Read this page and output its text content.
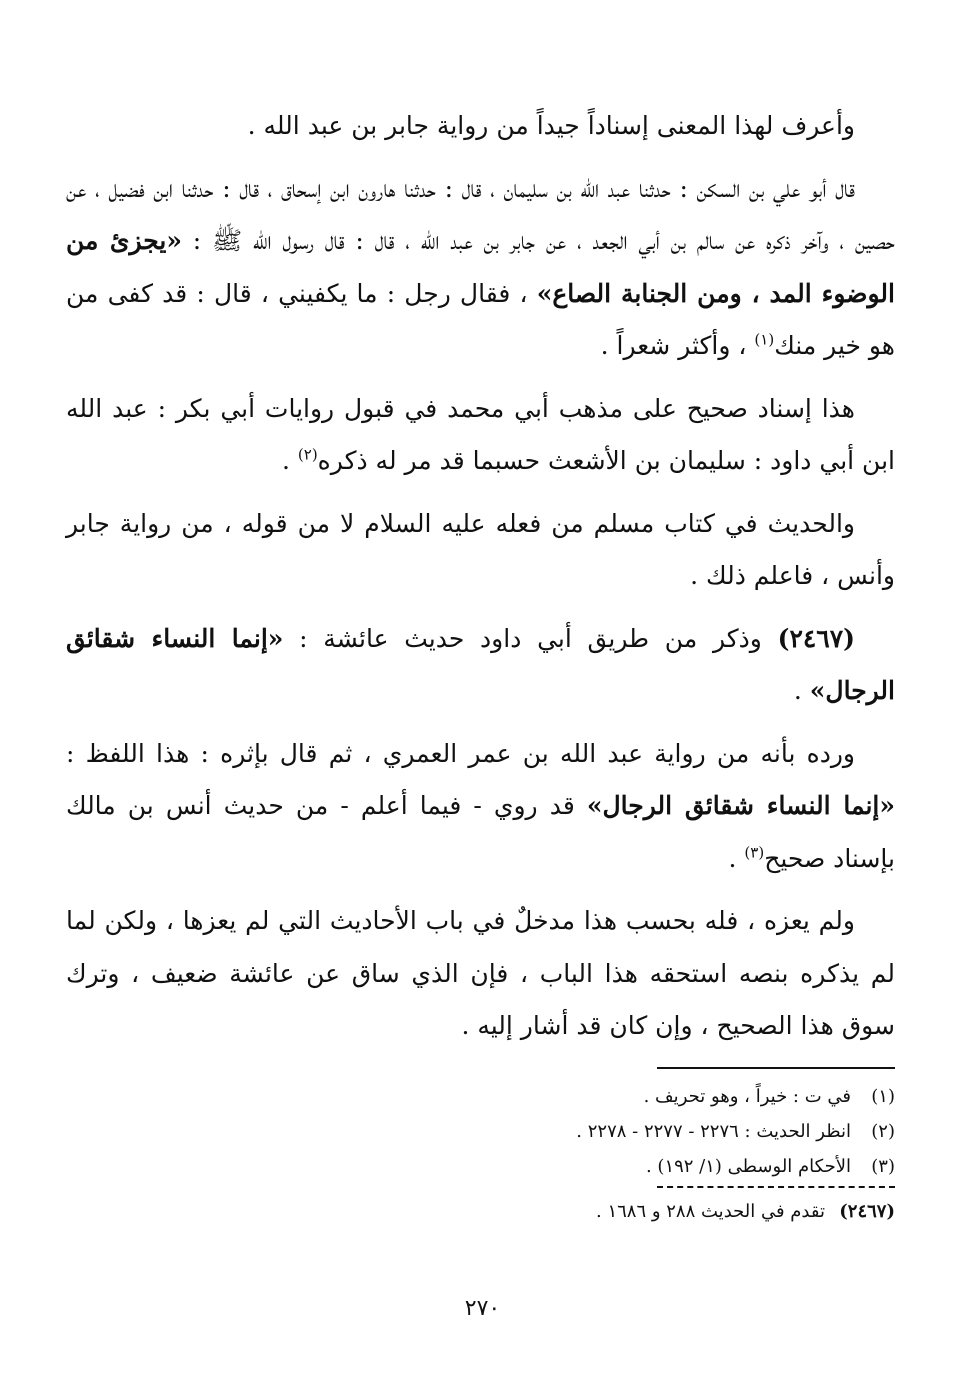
وأعرف لهذا المعنى إسناداً جيداً من رواية جابر بن عبد الله .

قال أبو علي بن السكن : حدثنا عبد الله بن سليمان ، قال : حدثنا هارون ابن إسحاق ، قال : حدثنا ابن فضيل ، عن حصين ، وآخر ذكره عن سالم بن أبي الجعد ، عن جابر بن عبد الله ، قال : قال رسول الله ﷺ : «يجزئ من الوضوء المد ، ومن الجنابة الصاع» ، فقال رجل : ما يكفيني ، قال : قد كفى من هو خير منك$^{(١)}$ ، وأكثر شعراً .

هذا إسناد صحيح على مذهب أبي محمد في قبول روايات أبي بكر : عبد الله ابن أبي داود : سليمان بن الأشعث حسبما قد مر له ذكره$^{(٢)}$ .

والحديث في كتاب مسلم من فعله عليه السلام لا من قوله ، من رواية جابر وأنس ، فاعلم ذلك .

(٢٤٦٧) وذكر من طريق أبي داود حديث عائشة : «إنما النساء شقائق الرجال» .

ورده بأنه من رواية عبد الله بن عمر العمري ، ثم قال بإثره : هذا اللفظ : «إنما النساء شقائق الرجال» قد روي - فيما أعلم - من حديث أنس بن مالك بإسناد صحيح$^{(٣)}$ .

ولم يعزه ، فله بحسب هذا مدخلٌ في باب الأحاديث التي لم يعزها ، ولكن لما لم يذكره بنصه استحقه هذا الباب ، فإن الذي ساق عن عائشة ضعيف ، وترك سوق هذا الصحيح ، وإن كان قد أشار إليه .

(١)في ت : خيراً ، وهو تحريف .
(٢)انظر الحديث : ٢٢٧٦ - ٢٢٧٧ - ٢٢٧٨ .
(٣)الأحكام الوسطى (١/ ١٩٢) .
(٢٤٦٧)تقدم في الحديث ٢٨٨ و ١٦٨٦ .
٢٧٠
